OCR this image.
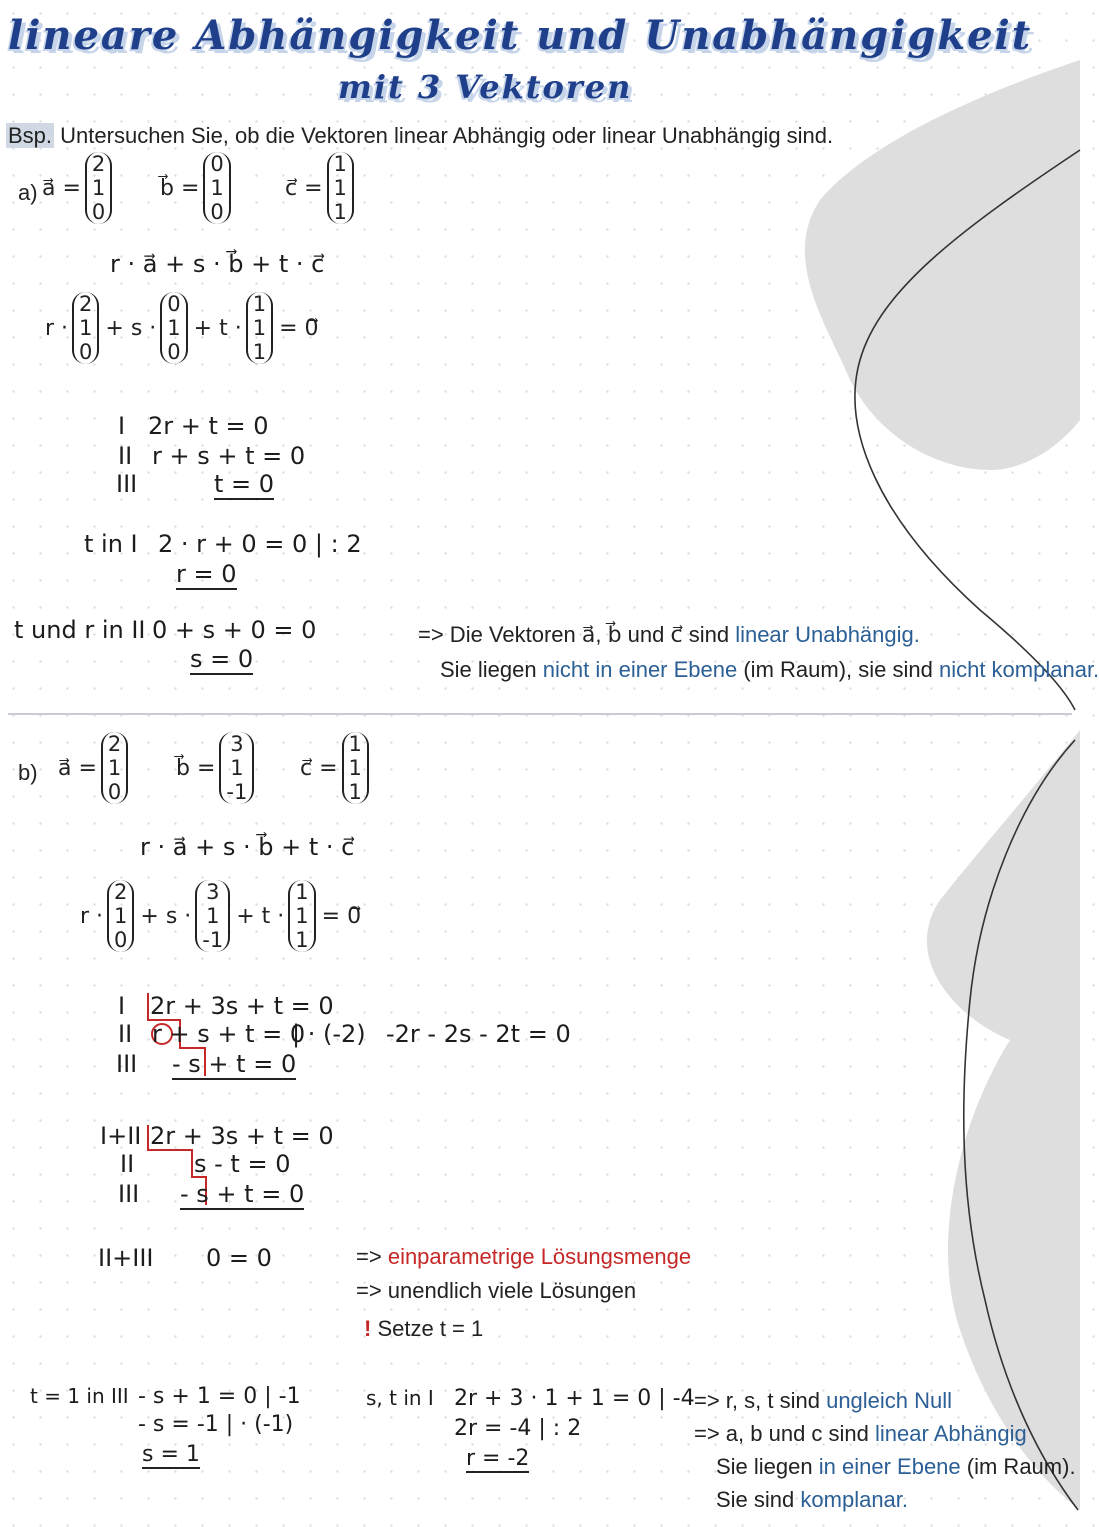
lineare Abhängigkeit und Unabhängigkeit
mit 3 Vektoren
Bsp. Untersuchen Sie, ob die Vektoren linear Abhängig oder linear Unabhängig sind.
a) a⃗ =
2
1
0
b⃗ =
0
1
0
c⃗ =
1
1
1
r · a⃗ + s · b⃗ + t · c⃗
r ·
2
1
0
+ s ·
0
1
0
+ t ·
1
1
1
= 0⃗
I 2r + t = 0
II r + s + t = 0
III	t = 0
t in I 2 · r + 0 = 0 | : 2
r = 0
t und r in II 0 + s + 0 = 0
s = 0
=> Die Vektoren a⃗, b⃗ und c⃗ sind linear Unabhängig.
Sie liegen nicht in einer Ebene (im Raum), sie sind nicht komplanar.
b) a⃗ =
2
1
0
b⃗ =
3
1
-1
c⃗ =
1
1
1
r · a⃗ + s · b⃗ + t · c⃗
r ·
2
1
0
+ s ·
3
1
-1
+ t ·
1
1
1
= 0⃗
I 2r + 3s + t = 0
II r + s + t = 0
III - s + t = 0
| · (-2) -2r - 2s - 2t = 0
I+II 2r + 3s + t = 0
II s - t = 0
III - s + t = 0
II+III 0 = 0	=> einparametrige Lösungsmenge
=> unendlich viele Lösungen
! Setze t = 1
t = 1 in III - s + 1 = 0 | -1
- s = -1 | · (-1)
s = 1
s, t in I 2r + 3 · 1 + 1 = 0 | -4
2r = -4 | : 2
r = -2
=> r, s, t sind ungleich Null
=> a, b und c sind linear Abhängig
Sie liegen in einer Ebene (im Raum).
Sie sind komplanar.
